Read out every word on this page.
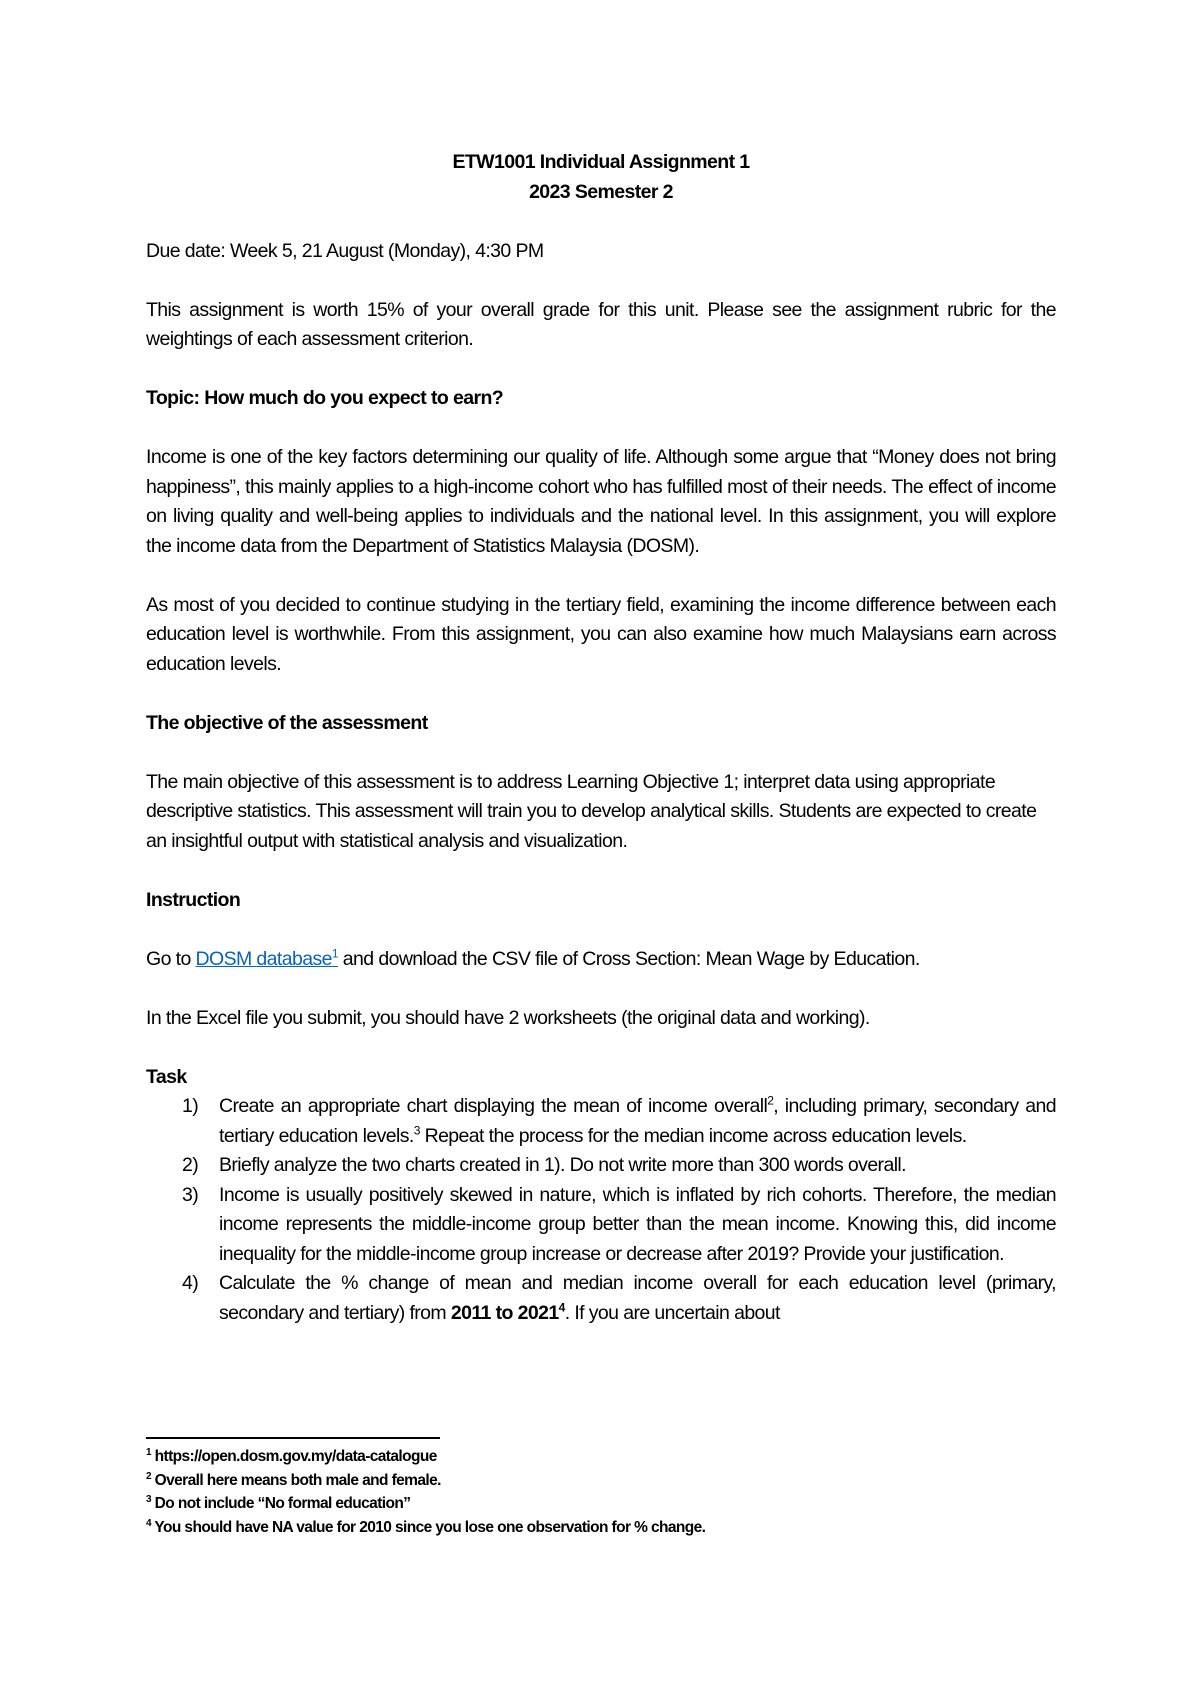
ETW1001 Individual Assignment 1

2023 Semester 2

Due date: Week 5, 21 August (Monday), 4:30 PM

This assignment is worth 15% of your overall grade for this unit. Please see the assignment rubric for the weightings of each assessment criterion.

Topic: How much do you expect to earn?

Income is one of the key factors determining our quality of life. Although some argue that “Money does not bring happiness”, this mainly applies to a high-income cohort who has fulfilled most of their needs. The effect of income on living quality and well-being applies to individuals and the national level. In this assignment, you will explore the income data from the Department of Statistics Malaysia (DOSM).

As most of you decided to continue studying in the tertiary field, examining the income difference between each education level is worthwhile. From this assignment, you can also examine how much Malaysians earn across education levels.

The objective of the assessment

The main objective of this assessment is to address Learning Objective 1; interpret data using appropriate descriptive statistics. This assessment will train you to develop analytical skills. Students are expected to create an insightful output with statistical analysis and visualization.

Instruction

Go to DOSM database$^1$ and download the CSV file of Cross Section: Mean Wage by Education.

In the Excel file you submit, you should have 2 worksheets (the original data and working).

Task

1) Create an appropriate chart displaying the mean of income overall$^2$, including primary, secondary and tertiary education levels.$^3$ Repeat the process for the median income across education levels.
2) Briefly analyze the two charts created in 1). Do not write more than 300 words overall.
3) Income is usually positively skewed in nature, which is inflated by rich cohorts. Therefore, the median income represents the middle-income group better than the mean income. Knowing this, did income inequality for the middle-income group increase or decrease after 2019? Provide your justification.
4) Calculate the % change of mean and median income overall for each education level (primary, secondary and tertiary) from 2011 to 2021$^4$. If you are uncertain about
$^1$ https://open.dosm.gov.my/data-catalogue
$^2$ Overall here means both male and female.
$^3$ Do not include “No formal education”
$^4$ You should have NA value for 2010 since you lose one observation for % change.
